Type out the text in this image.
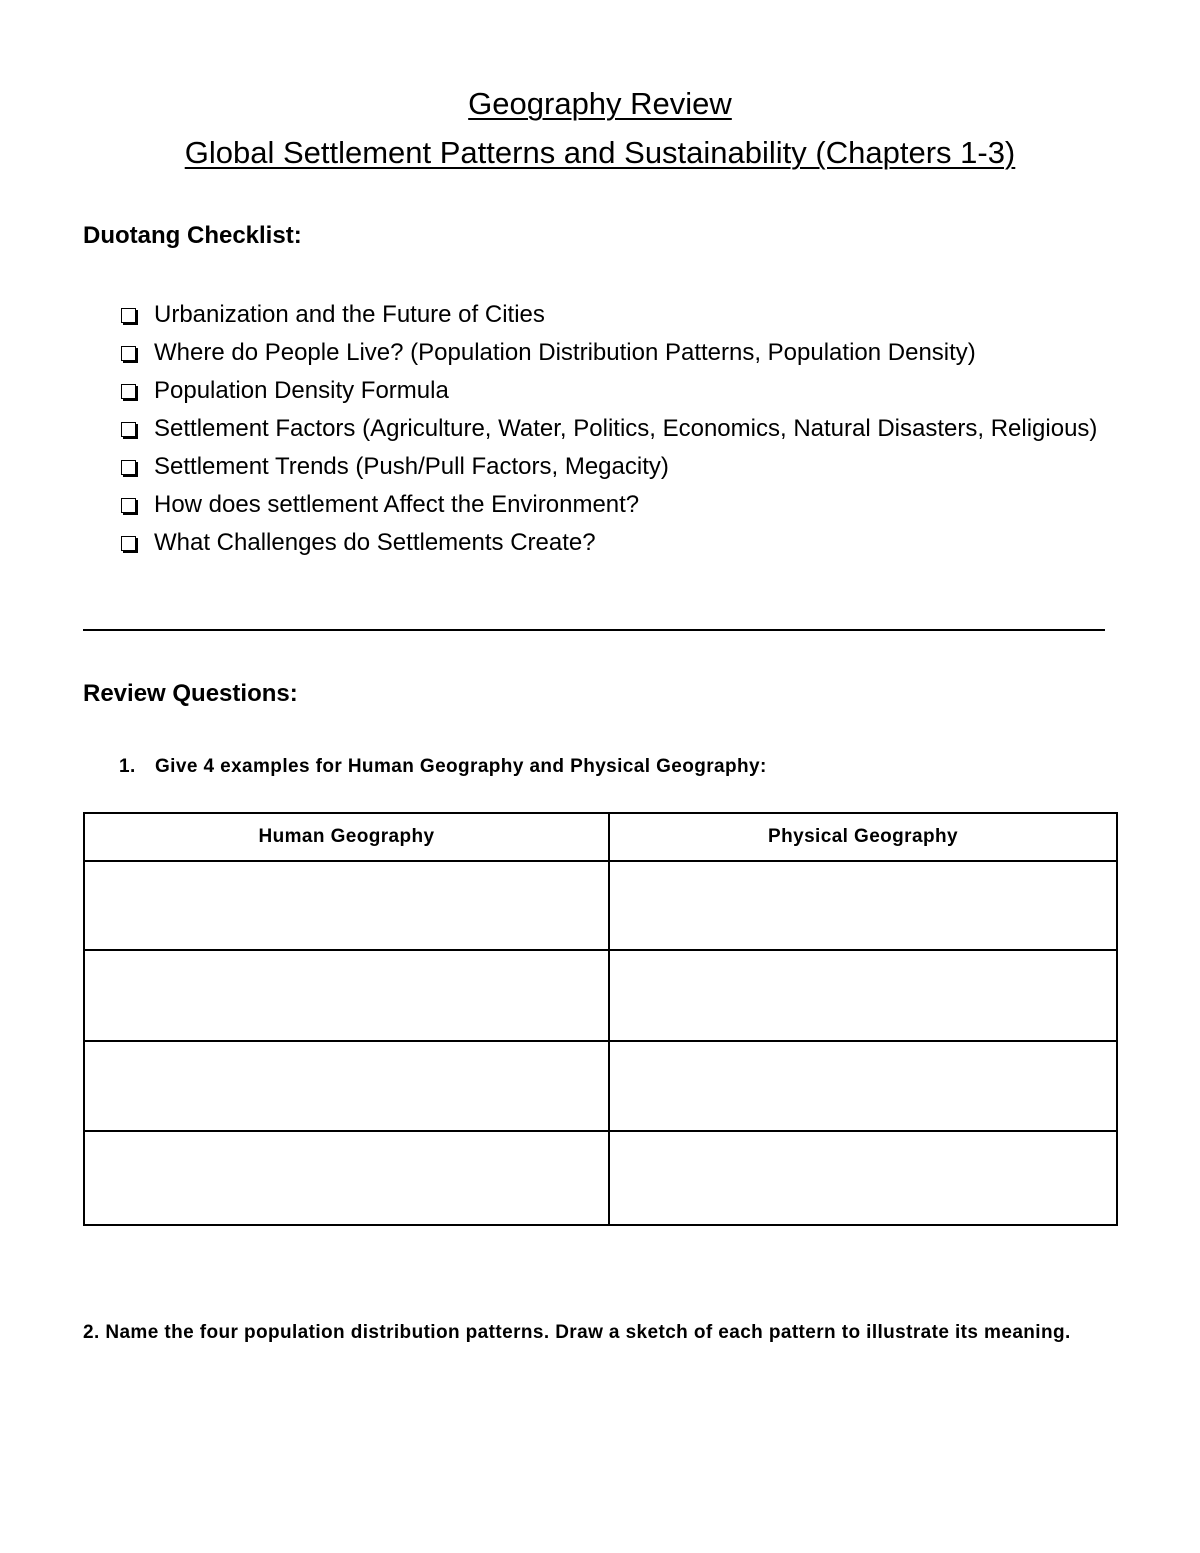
Geography Review
Global Settlement Patterns and Sustainability (Chapters 1-3)
Duotang Checklist:
Urbanization and the Future of Cities
Where do People Live? (Population Distribution Patterns, Population Density)
Population Density Formula
Settlement Factors (Agriculture, Water, Politics, Economics, Natural Disasters, Religious)
Settlement Trends (Push/Pull Factors, Megacity)
How does settlement Affect the Environment?
What Challenges do Settlements Create?
Review Questions:
1. Give 4 examples for Human Geography and Physical Geography:
Human Geography	Physical Geography

2. Name the four population distribution patterns. Draw a sketch of each pattern to illustrate its meaning.
